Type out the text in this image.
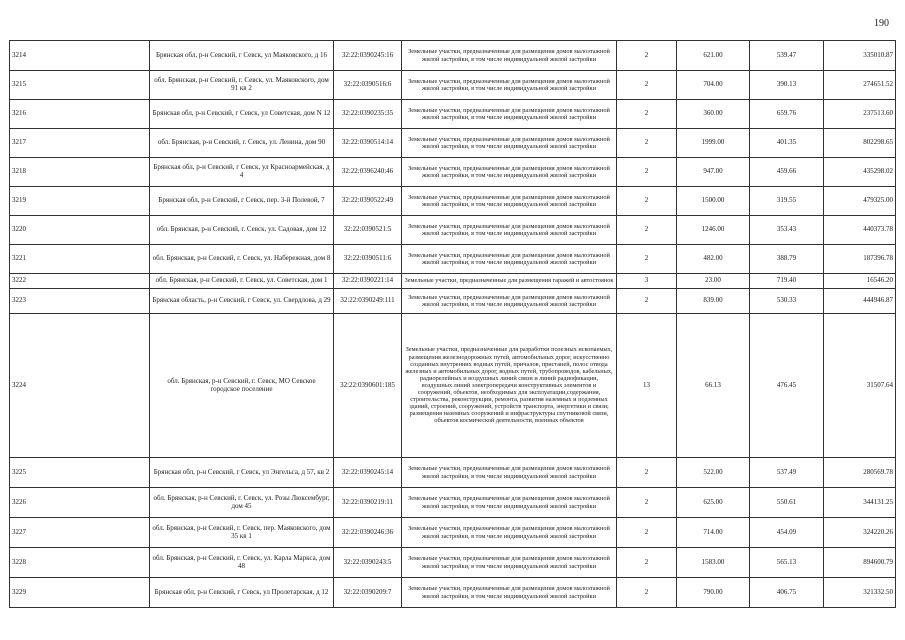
190
3214	Брянская обл, р-н Севский, г Севск, ул Маяковского, д 16	32:22:0390245:16	Земельные участки, предназначенные для размещения домов малоэтажной жилой застройки, в том числе индивидуальной жилой застройки	2	621.00	539.47	335010.87
3215	обл. Брянская, р-н Севский, г. Севск, ул. Маяковского, дом 91 кв 2	32:22:0390516:6	Земельные участки, предназначенные для размещения домов малоэтажной жилой застройки, в том числе индивидуальной жилой застройки	2	704.00	390.13	274651.52
3216	Брянская обл, р-н Севский, г Севск, ул Советская, дом N 12	32:22:0390235:35	Земельные участки, предназначенные для размещения домов малоэтажной жилой застройки, в том числе индивидуальной жилой застройки	2	360.00	659.76	237513.60
3217	обл. Брянская, р-н Севский, г. Севск, ул. Ленина, дом 90	32:22:0390514:14	Земельные участки, предназначенные для размещения домов малоэтажной жилой застройки, в том числе индивидуальной жилой застройки	2	1999.00	401.35	802298.65
3218	Брянская обл, р-н Севский, г Севск, ул Красноармейская, д 4	32:22:0396240:46	Земельные участки, предназначенные для размещения домов малоэтажной жилой застройки, в том числе индивидуальной жилой застройки	2	947.00	459.66	435298.02
3219	Брянская обл, р-н Севский, г Севск, пер. 3-й Полевой, 7	32:22:0390522:49	Земельные участки, предназначенные для размещения домов малоэтажной жилой застройки, в том числе индивидуальной жилой застройки	2	1500.00	319.55	479325.00
3220	обл. Брянская, р-н Севский, г. Севск, ул. Садовая, дом 12	32:22:0390521:5	Земельные участки, предназначенные для размещения домов малоэтажной жилой застройки, в том числе индивидуальной жилой застройки	2	1246.00	353.43	440373.78
3221	обл. Брянская, р-н Севский, г. Севск, ул. Набережная, дом 8	32:22:0390511:6	Земельные участки, предназначенные для размещения домов малоэтажной жилой застройки, в том числе индивидуальной жилой застройки	2	482.00	388.79	187396.78
3222	обл. Брянская, р-н Севский, г. Севск, ул. Советская, дом 1	32:22:0390221:14	Земельные участки, предназначенные для размещения гаражей и автостоянок	3	23.00	719.40	16546.20
3223	Брянская область, р-н Севский, г Севск, ул. Свердлова, д 29	32:22:0390249:111	Земельные участки, предназначенные для размещения домов малоэтажной жилой застройки, в том числе индивидуальной жилой застройки	2	839.00	530.33	444946.87
3224	обл. Брянская, р-н Севский, г. Севск, МО Севское городское поселение	32:22:0390601:185	Земельные участки, предназначенные для разработки полезных ископаемых, размещения железнодорожных путей, автомобильных дорог, искусственно созданных внутренних водных путей, причалов, пристаней, полос отвода железных и автомобильных дорог, водных путей, трубопроводов, кабельных, радиорелейных и воздушных линий связи и линий радиофикации, воздушных линий электропередачи конструктивных элементов и сооружений, объектов, необходимых для эксплуатации,содержания, строительства, реконструкции, ремонта, развития наземных и подземных зданий, строений, сооружений, устройств транспорта, энергетики и связи; размещения наземных сооружений и инфраструктуры спутниковой связи, объектов космической деятельности, военных объектов	13	66.13	476.45	31507.64
3225	Брянская обл, р-н Севский, г Севск, ул Энгельса, д 57, кв 2	32:22:0390245:14	Земельные участки, предназначенные для размещения домов малоэтажной жилой застройки, в том числе индивидуальной жилой застройки	2	522.00	537.49	280569.78
3226	обл. Брянская, р-н Севский, г. Севск, ул. Розы Люксембург, дом 45	32:22:0390219:11	Земельные участки, предназначенные для размещения домов малоэтажной жилой застройки, в том числе индивидуальной жилой застройки	2	625.00	550.61	344131.25
3227	обл. Брянская, р-н Севский, г. Севск, пер. Маяковского, дом 35 кв 1	32:22:0390246:36	Земельные участки, предназначенные для размещения домов малоэтажной жилой застройки, в том числе индивидуальной жилой застройки	2	714.00	454.09	324220.26
3228	обл. Брянская, р-н Севский, г. Севск, ул. Карла Маркса, дом 48	32:22:0390243:5	Земельные участки, предназначенные для размещения домов малоэтажной жилой застройки, в том числе индивидуальной жилой застройки	2	1583.00	565.13	894600.79
3229	Брянская обл, р-н Севский, г Севск, ул Пролетарская, д 12	32:22:0390209:7	Земельные участки, предназначенные для размещения домов малоэтажной жилой застройки, в том числе индивидуальной жилой застройки	2	790.00	406.75	321332.50
